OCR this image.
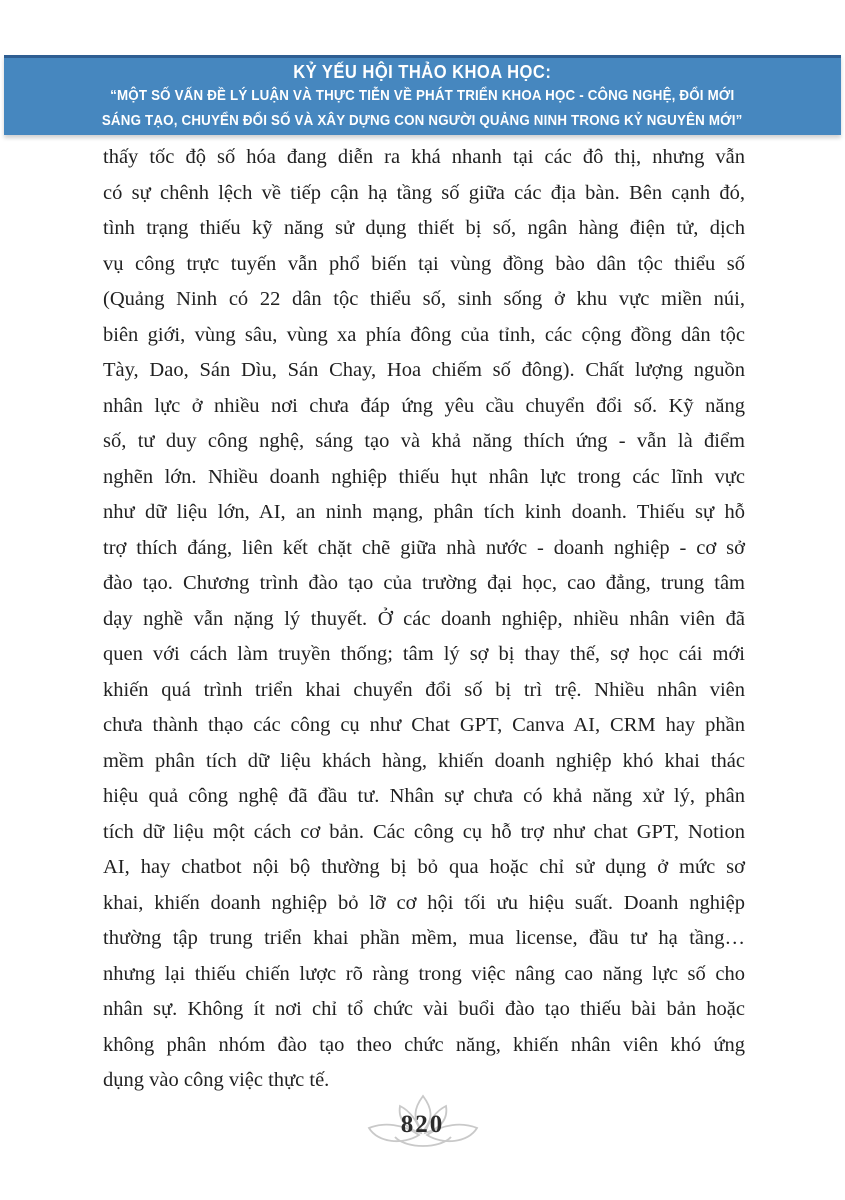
KỶ YẾU HỘI THẢO KHOA HỌC:
“MỘT SỐ VẤN ĐỀ LÝ LUẬN VÀ THỰC TIỄN VỀ PHÁT TRIỂN KHOA HỌC - CÔNG NGHỆ, ĐỔI MỚI
SÁNG TẠO, CHUYỂN ĐỔI SỐ VÀ XÂY DỰNG CON NGƯỜI QUẢNG NINH TRONG KỶ NGUYÊN MỚI”
thấy tốc độ số hóa đang diễn ra khá nhanh tại các đô thị, nhưng vẫn
có sự chênh lệch về tiếp cận hạ tầng số giữa các địa bàn. Bên cạnh đó,
tình trạng thiếu kỹ năng sử dụng thiết bị số, ngân hàng điện tử, dịch
vụ công trực tuyến vẫn phổ biến tại vùng đồng bào dân tộc thiểu số
(Quảng Ninh có 22 dân tộc thiểu số, sinh sống ở khu vực miền núi,
biên giới, vùng sâu, vùng xa phía đông của tỉnh, các cộng đồng dân tộc
Tày, Dao, Sán Dìu, Sán Chay, Hoa chiếm số đông). Chất lượng nguồn
nhân lực ở nhiều nơi chưa đáp ứng yêu cầu chuyển đổi số. Kỹ năng
số, tư duy công nghệ, sáng tạo và khả năng thích ứng - vẫn là điểm
nghẽn lớn. Nhiều doanh nghiệp thiếu hụt nhân lực trong các lĩnh vực
như dữ liệu lớn, AI, an ninh mạng, phân tích kinh doanh. Thiếu sự hỗ
trợ thích đáng, liên kết chặt chẽ giữa nhà nước - doanh nghiệp - cơ sở
đào tạo. Chương trình đào tạo của trường đại học, cao đẳng, trung tâm
dạy nghề vẫn nặng lý thuyết. Ở các doanh nghiệp, nhiều nhân viên đã
quen với cách làm truyền thống; tâm lý sợ bị thay thế, sợ học cái mới
khiến quá trình triển khai chuyển đổi số bị trì trệ. Nhiều nhân viên
chưa thành thạo các công cụ như Chat GPT, Canva AI, CRM hay phần
mềm phân tích dữ liệu khách hàng, khiến doanh nghiệp khó khai thác
hiệu quả công nghệ đã đầu tư. Nhân sự chưa có khả năng xử lý, phân
tích dữ liệu một cách cơ bản. Các công cụ hỗ trợ như chat GPT, Notion
AI, hay chatbot nội bộ thường bị bỏ qua hoặc chỉ sử dụng ở mức sơ
khai, khiến doanh nghiệp bỏ lỡ cơ hội tối ưu hiệu suất. Doanh nghiệp
thường tập trung triển khai phần mềm, mua license, đầu tư hạ tầng…
nhưng lại thiếu chiến lược rõ ràng trong việc nâng cao năng lực số cho
nhân sự. Không ít nơi chỉ tổ chức vài buổi đào tạo thiếu bài bản hoặc
không phân nhóm đào tạo theo chức năng, khiến nhân viên khó ứng
dụng vào công việc thực tế.
820
